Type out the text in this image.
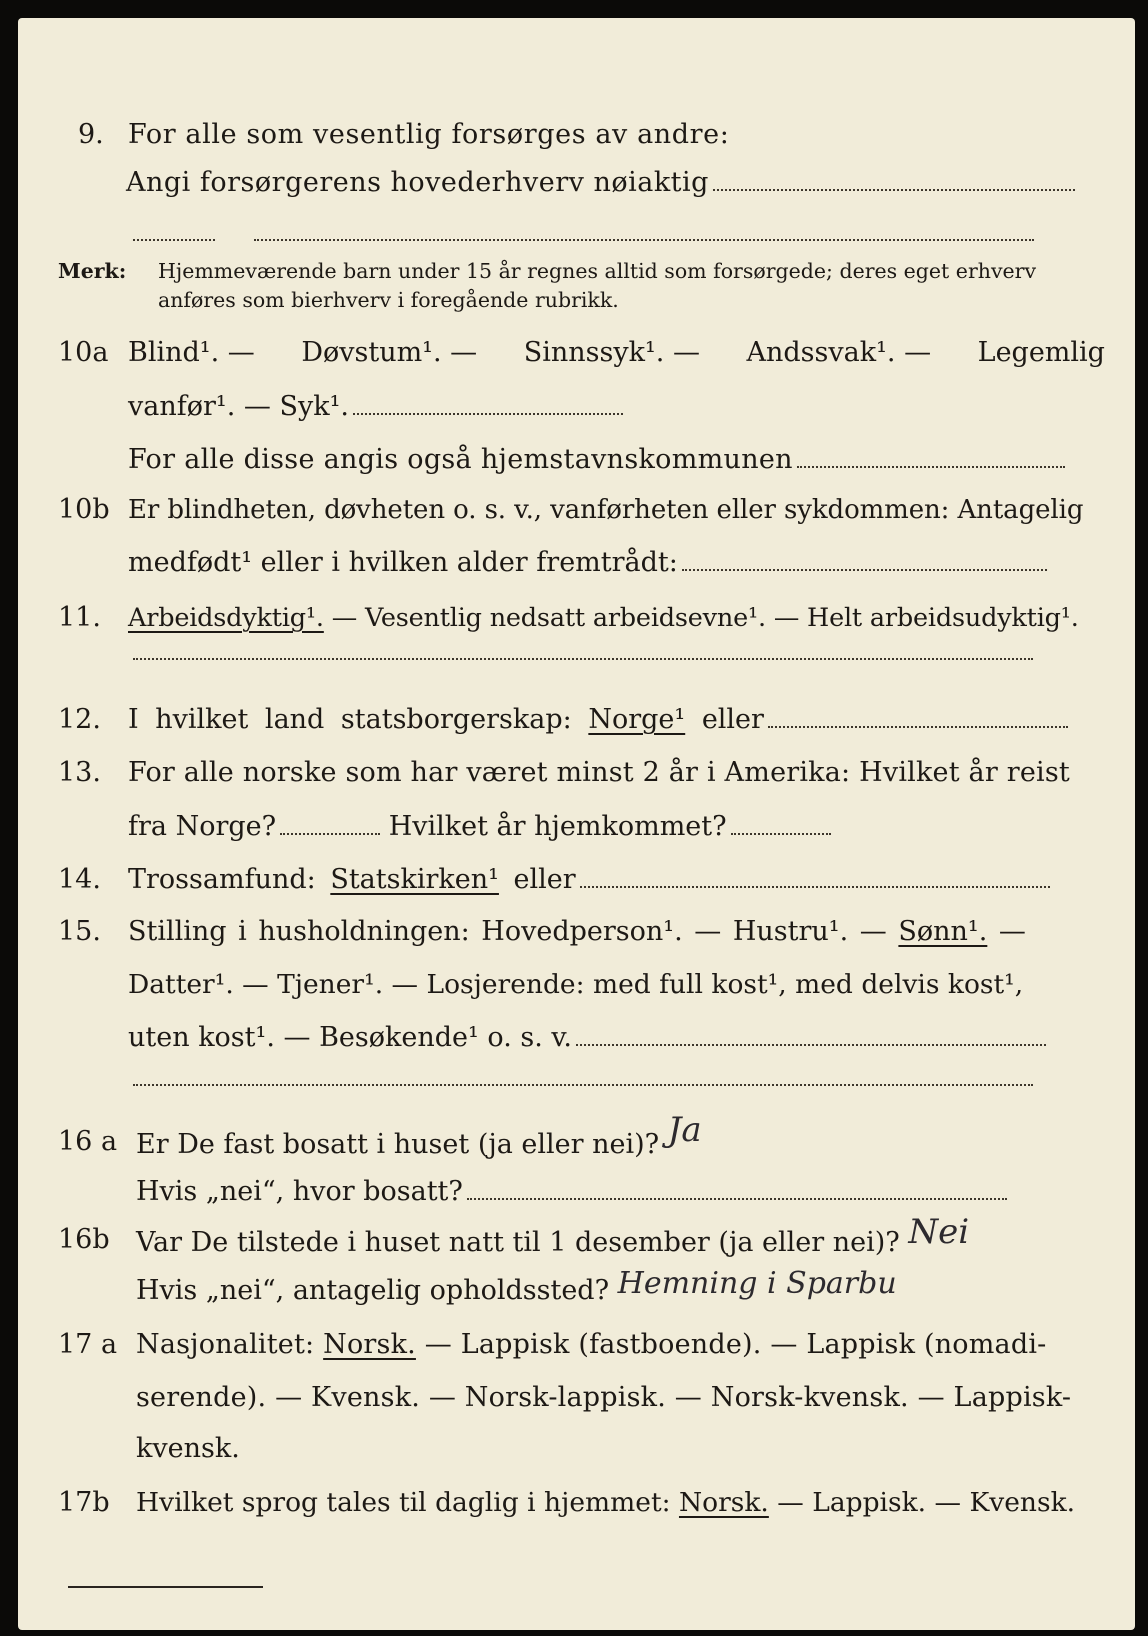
9. For alle som vesentlig forsørges av andre:
Angi forsørgerens hovederhverv nøiaktig
Merk: Hjemmeværende barn under 15 år regnes alltid som forsørgede; deres eget erhverv
anføres som bierhverv i foregående rubrikk.
10a Blind¹. — Døvstum¹. — Sinnssyk¹. — Andssvak¹. — Legemlig
vanfør¹. — Syk¹.
For alle disse angis også hjemstavnskommunen
10b Er blindheten, døvheten o. s. v., vanførheten eller sykdommen: Antagelig
medfødt¹ eller i hvilken alder fremtrådt:
11.	Arbeidsdyktig¹. — Vesentlig nedsatt arbeidsevne¹. — Helt arbeidsudyktig¹.
12.	I hvilket land statsborgerskap: Norge¹ eller
13.	For alle norske som har været minst 2 år i Amerika: Hvilket år reist
fra Norge?	Hvilket år hjemkommet?
14.	Trossamfund: Statskirken¹ eller
15.	Stilling i husholdningen: Hovedperson¹. — Hustru¹. — Sønn¹. —
Datter¹. — Tjener¹. — Losjerende: med full kost¹, med delvis kost¹,
uten kost¹. — Besøkende¹ o. s. v.
16 a Er De fast bosatt i huset (ja eller nei)? Ja
Hvis „nei“, hvor bosatt?
16b Var De tilstede i huset natt til 1 desember (ja eller nei)? Nei
Hvis „nei“, antagelig opholdssted? Hemning i Sparbu
17 a Nasjonalitet: Norsk. — Lappisk (fastboende). — Lappisk (nomadi-
serende). — Kvensk. — Norsk-lappisk. — Norsk-kvensk. — Lappisk-
kvensk.
17b Hvilket sprog tales til daglig i hjemmet: Norsk. — Lappisk. — Kvensk.
